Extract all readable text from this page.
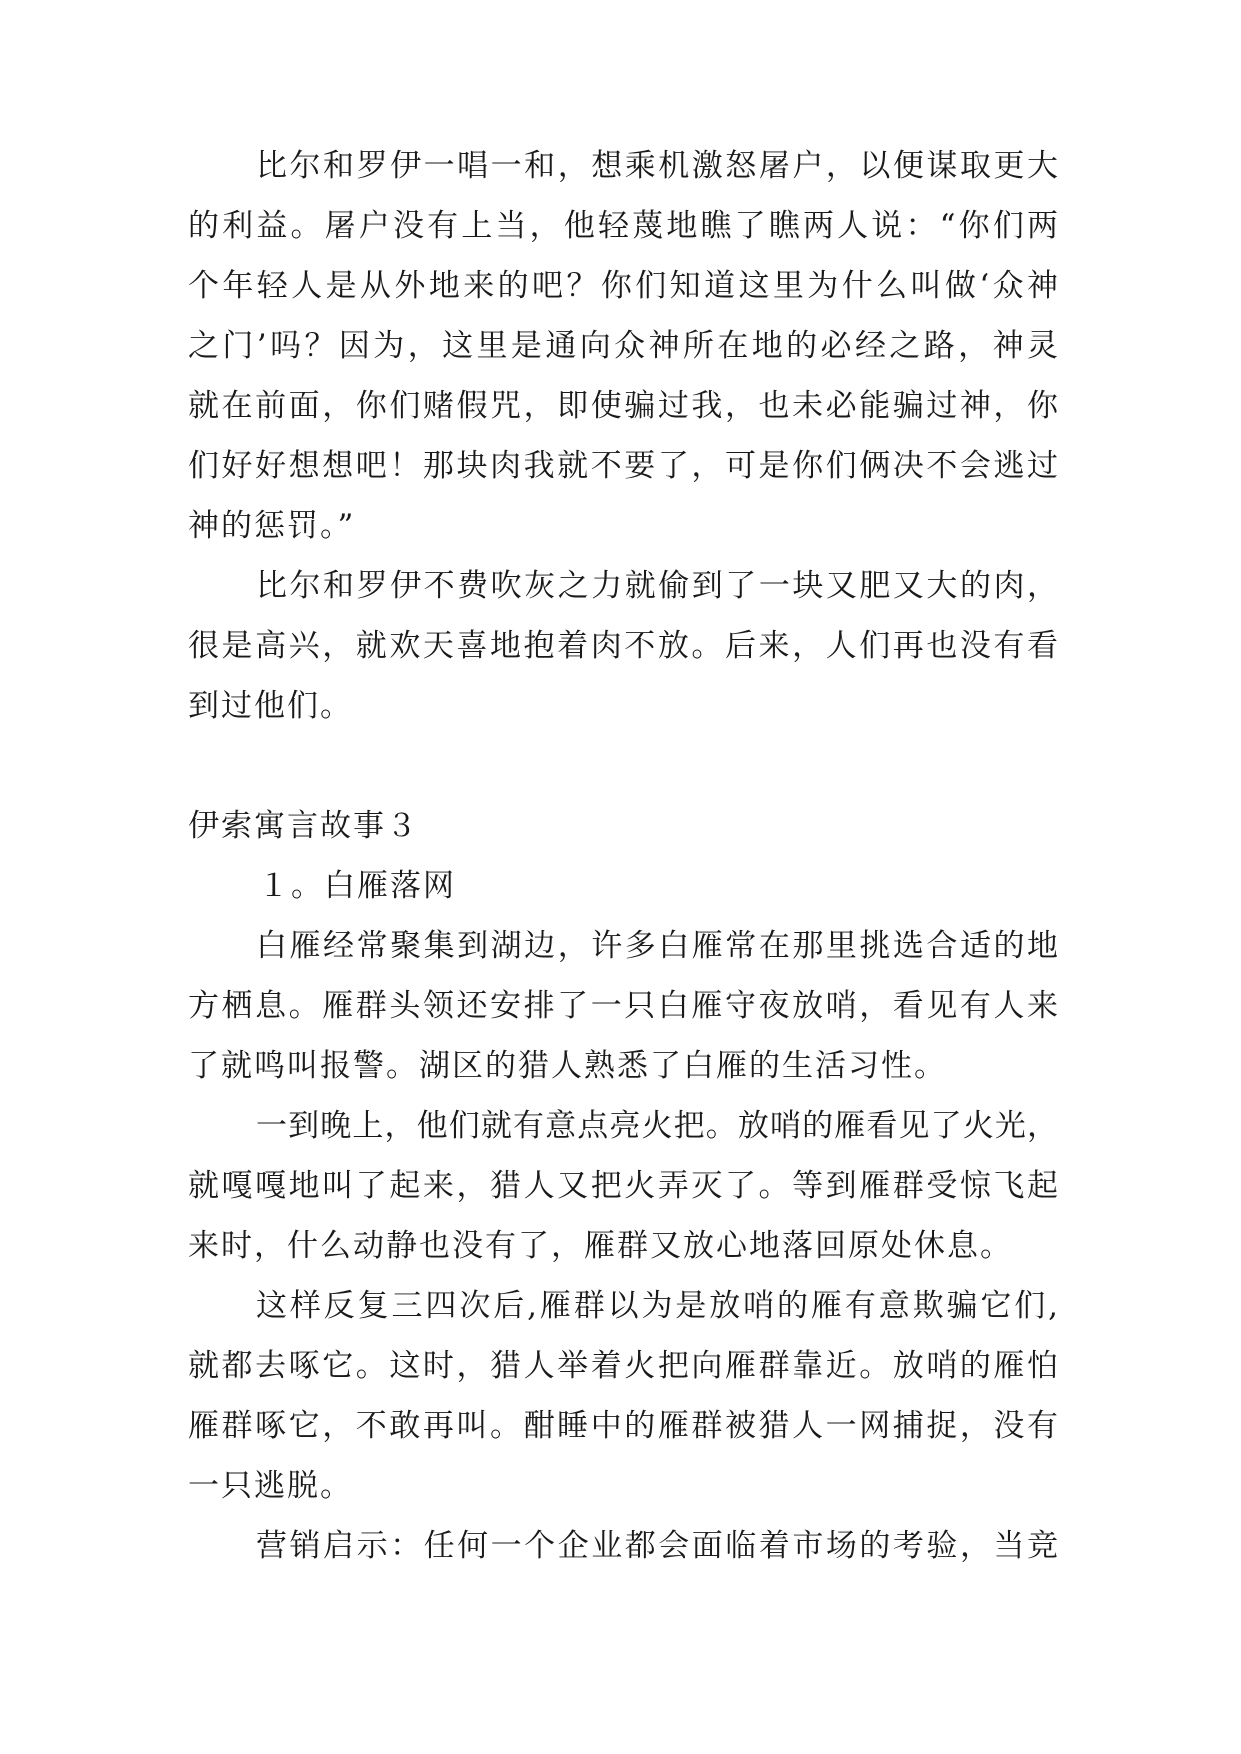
比尔和罗伊一唱一和，想乘机激怒屠户，以便谋取更大
的利益。屠户没有上当，他轻蔑地瞧了瞧两人说：“你们两
个年轻人是从外地来的吧？你们知道这里为什么叫做‘众神
之门’吗？因为，这里是通向众神所在地的必经之路，神灵
就在前面，你们赌假咒，即使骗过我，也未必能骗过神，你
们好好想想吧！那块肉我就不要了，可是你们俩决不会逃过
神的惩罚。”
比尔和罗伊不费吹灰之力就偷到了一块又肥又大的肉，
很是高兴，就欢天喜地抱着肉不放。后来，人们再也没有看
到过他们。
伊索寓言故事３
１。白雁落网
白雁经常聚集到湖边，许多白雁常在那里挑选合适的地
方栖息。雁群头领还安排了一只白雁守夜放哨，看见有人来
了就鸣叫报警。湖区的猎人熟悉了白雁的生活习性。
一到晚上，他们就有意点亮火把。放哨的雁看见了火光，
就嘎嘎地叫了起来，猎人又把火弄灭了。等到雁群受惊飞起
来时，什么动静也没有了，雁群又放心地落回原处休息。
这样反复三四次后,雁群以为是放哨的雁有意欺骗它们,
就都去啄它。这时，猎人举着火把向雁群靠近。放哨的雁怕
雁群啄它，不敢再叫。酣睡中的雁群被猎人一网捕捉，没有
一只逃脱。
营销启示：任何一个企业都会面临着市场的考验，当竞
